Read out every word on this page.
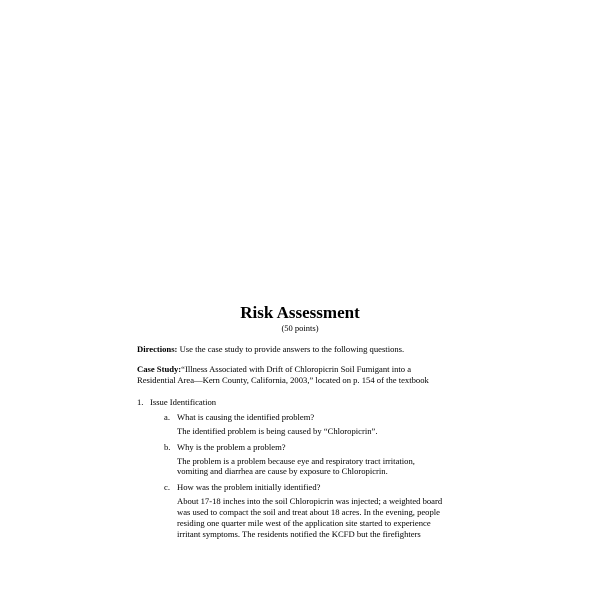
Risk Assessment
(50 points)
Directions: Use the case study to provide answers to the following questions.
Case Study:“Illness Associated with Drift of Chloropicrin Soil Fumigant into a
Residential Area—Kern County, California, 2003,” located on p. 154 of the textbook
1. Issue Identification
a. What is causing the identified problem?
The identified problem is being caused by “Chloropicrin”.
b. Why is the problem a problem?
The problem is a problem because eye and respiratory tract irritation,
vomiting and diarrhea are cause by exposure to Chloropicrin.
c. How was the problem initially identified?
About 17-18 inches into the soil Chloropicrin was injected; a weighted board
was used to compact the soil and treat about 18 acres. In the evening, people
residing one quarter mile west of the application site started to experience
irritant symptoms. The residents notified the KCFD but the firefighters
